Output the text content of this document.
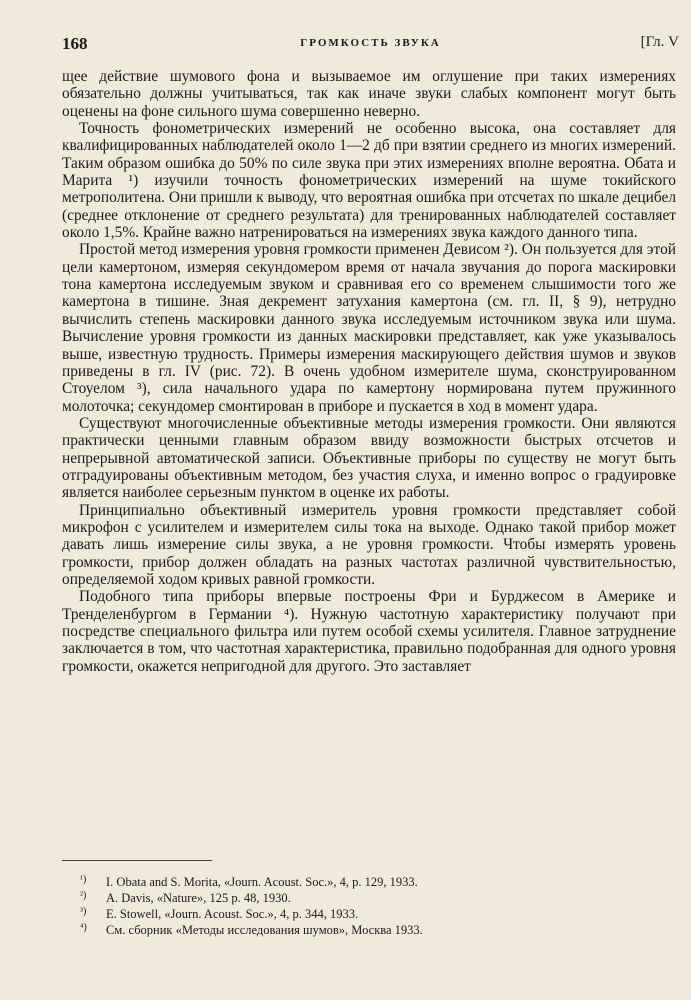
168	ГРОМКОСТЬ ЗВУКА	[Гл. V

щее действие шумового фона и вызываемое им оглушение при таких измерениях обязательно должны учитываться, так как иначе звуки слабых компонент могут быть оценены на фоне сильного шума совершенно неверно.

Точность фонометрических измерений не особенно высока, она составляет для квалифицированных наблюдателей около 1—2 дб при взятии среднего из многих измерений. Таким образом ошибка до 50% по силе звука при этих измерениях вполне вероятна. Обата и Марита ¹) изучили точность фонометрических измерений на шуме токийского метрополитена. Они пришли к выводу, что вероятная ошибка при отсчетах по шкале децибел (среднее отклонение от среднего результата) для тренированных наблюдателей составляет около 1,5%. Крайне важно натренироваться на измерениях звука каждого данного типа.

Простой метод измерения уровня громкости применен Девисом ²). Он пользуется для этой цели камертоном, измеряя секундомером время от начала звучания до порога маскировки тона камертона исследуемым звуком и сравнивая его со временем слышимости того же камертона в тишине. Зная декремент затухания камертона (см. гл. II, § 9), нетрудно вычислить степень маскировки данного звука исследуемым источником звука или шума. Вычисление уровня громкости из данных маскировки представляет, как уже указывалось выше, известную трудность. Примеры измерения маскирующего действия шумов и звуков приведены в гл. IV (рис. 72). В очень удобном измерителе шума, сконструированном Стоуелом ³), сила начального удара по камертону нормирована путем пружинного молоточка; секундомер смонтирован в приборе и пускается в ход в момент удара.

Существуют многочисленные объективные методы измерения громкости. Они являются практически ценными главным образом ввиду возможности быстрых отсчетов и непрерывной автоматической записи. Объективные приборы по существу не могут быть отградуированы объективным методом, без участия слуха, и именно вопрос о градуировке является наиболее серьезным пунктом в оценке их работы.

Принципиально объективный измеритель уровня громкости представляет собой микрофон с усилителем и измерителем силы тока на выходе. Однако такой прибор может давать лишь измерение силы звука, а не уровня громкости. Чтобы измерять уровень громкости, прибор должен обладать на разных частотах различной чувствительностью, определяемой ходом кривых равной громкости.

Подобного типа приборы впервые построены Фри и Бурджесом в Америке и Тренделенбургом в Германии ⁴). Нужную частотную характеристику получают при посредстве специального фильтра или путем особой схемы усилителя. Главное затруднение заключается в том, что частотная характеристика, правильно подобранная для одного уровня громкости, окажется непригодной для другого. Это заставляет

¹) I. Obata and S. Morita, «Journ. Acoust. Soc.», 4, p. 129, 1933.
²) A. Davis, «Nature», 125 p. 48, 1930.
³) E. Stowell, «Journ. Acoust. Soc.», 4, p. 344, 1933.
⁴) См. сборник «Методы исследования шумов», Москва 1933.
